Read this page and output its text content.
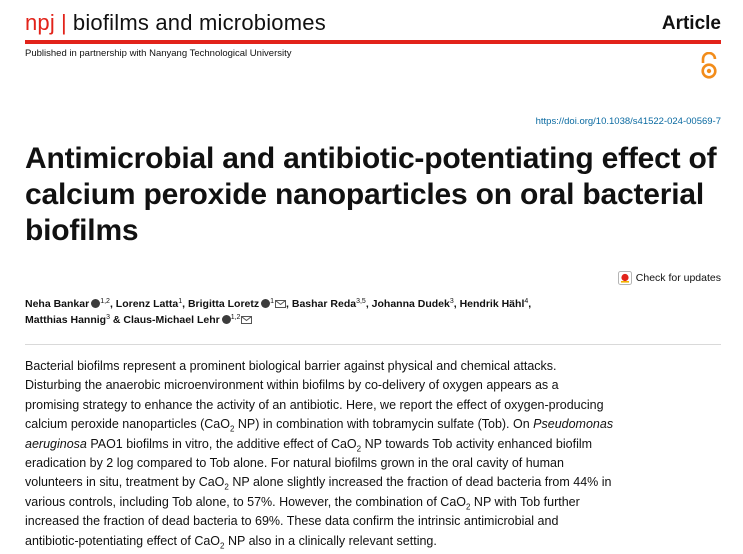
npj | biofilms and microbiomes	Article
Published in partnership with Nanyang Technological University
https://doi.org/10.1038/s41522-024-00569-7
Antimicrobial and antibiotic-potentiating effect of calcium peroxide nanoparticles on oral bacterial biofilms
Check for updates

Neha Bankar $^{1,2}$, Lorenz Latta$^1$, Brigitta Loretz $^1$ , Bashar Reda$^{3,5}$, Johanna Dudek$^3$, Hendrik Hähl$^4$,
Matthias Hannig$^3$ & Claus-Michael Lehr $^{1,2}$

Bacterial biofilms represent a prominent biological barrier against physical and chemical attacks. Disturbing the anaerobic microenvironment within biofilms by co-delivery of oxygen appears as a promising strategy to enhance the activity of an antibiotic. Here, we report the effect of oxygen-producing calcium peroxide nanoparticles (CaO$_2$ NP) in combination with tobramycin sulfate (Tob). On Pseudomonas aeruginosa PAO1 biofilms in vitro, the additive effect of CaO$_2$ NP towards Tob activity enhanced biofilm eradication by 2 log compared to Tob alone. For natural biofilms grown in the oral cavity of human volunteers in situ, treatment by CaO$_2$ NP alone slightly increased the fraction of dead bacteria from 44% in various controls, including Tob alone, to 57%. However, the combination of CaO$_2$ NP with Tob further increased the fraction of dead bacteria to 69%. These data confirm the intrinsic antimicrobial and antibiotic-potentiating effect of CaO$_2$ NP also in a clinically relevant setting.
